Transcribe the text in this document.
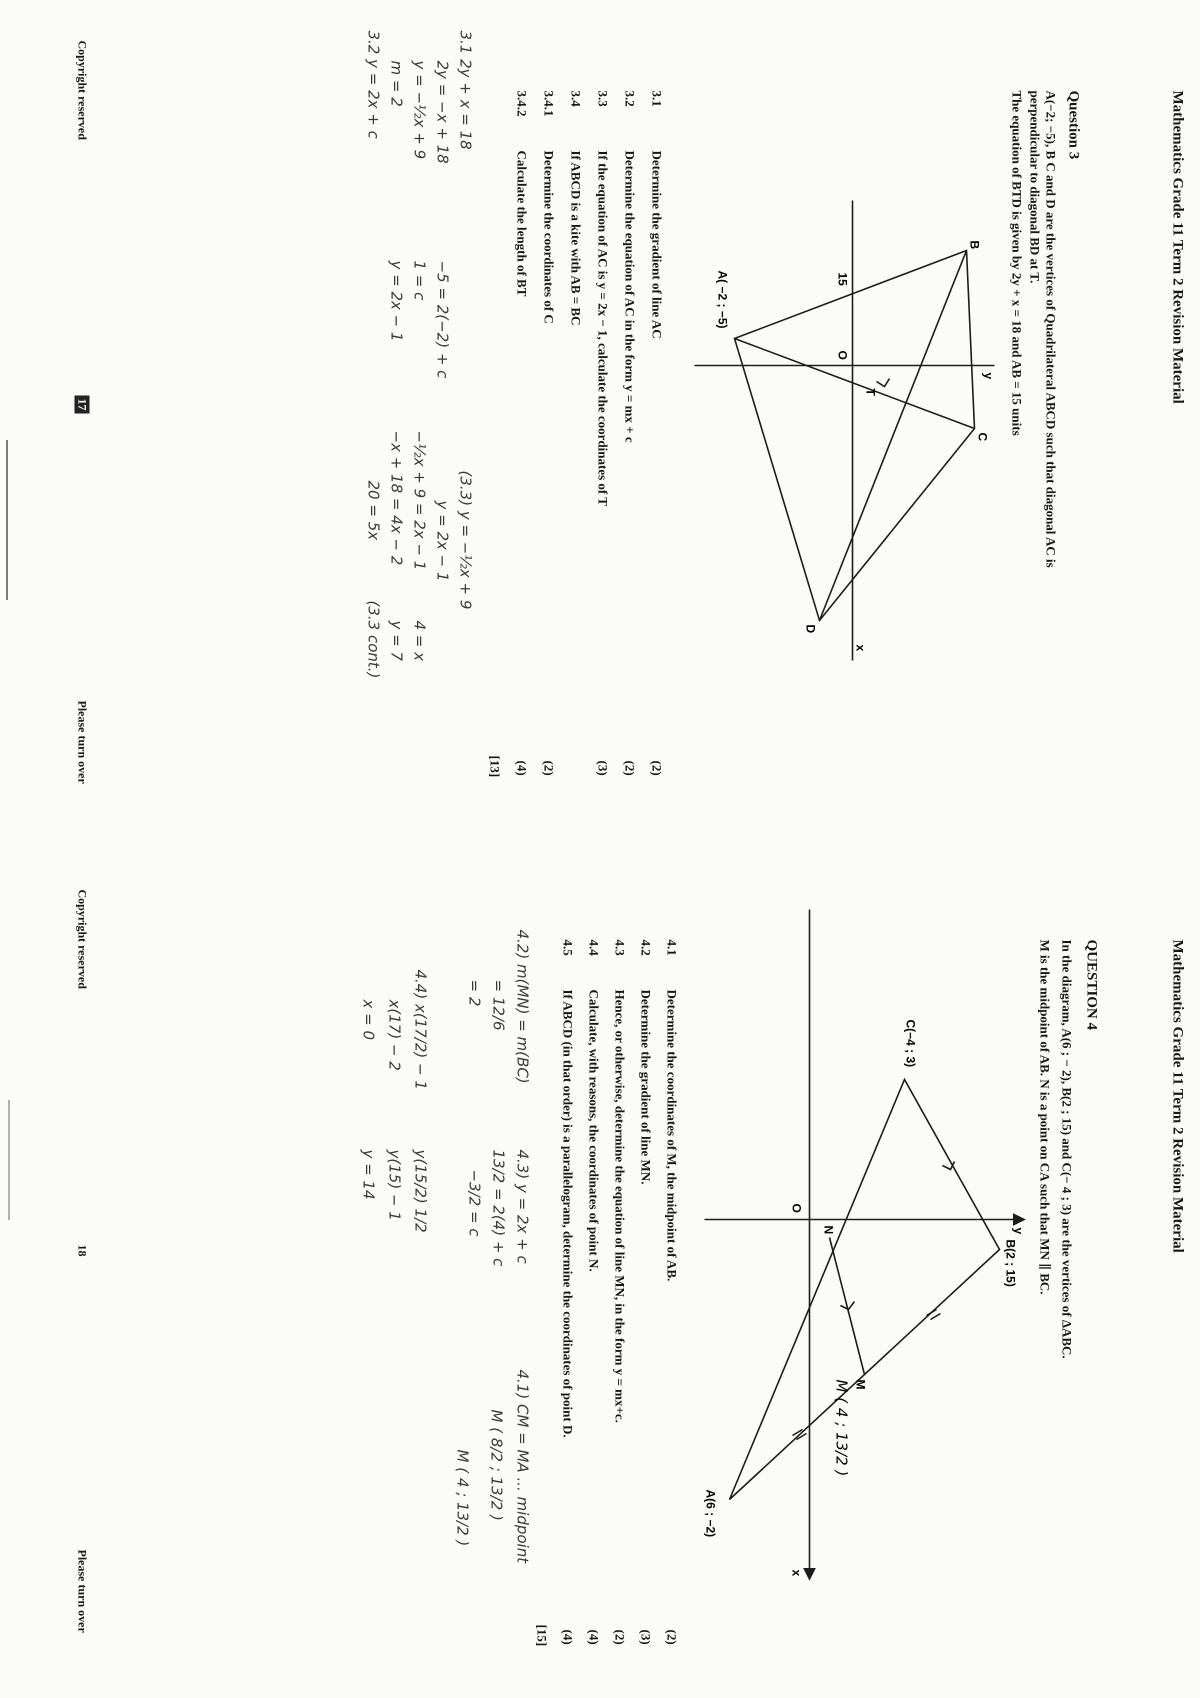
Mathematics Grade 11 Term 2 Revision Material
Question 3
A(−2; −5), B C and D are the vertices of Quadrilateral ABCD such that diagonal AC is
perpendicular to diagonal BD at T.
The equation of BTD is given by 2y + x = 18 and AB = 15 units
B
C
D
T
O
x
y
A( −2 ; −5)	15
3.1
Determine the gradient of line AC
(2)
3.2
Determine the equation of AC in the form y = mx + c
(2)
3.3
If the equation of AC is y = 2x − 1, calculate the coordinates of T
(3)
3.4
If ABCD is a kite with AB = BC
3.4.1
Determine the coordinates of C
(2)
3.4.2
Calculate the length of BT
(4)
[13]
3.1 2y + x = 18
2y = −x + 18
y = −½x + 9
m = 2
3.2 y = 2x + c
−5 = 2(−2) + c
1 = c
y = 2x − 1
(3.3) y = −½x + 9
y = 2x − 1
−½x + 9 = 2x − 1
−x + 18 = 4x − 2
20 = 5x
4 = x
y = 7
(3.3 cont.)
Copyright reserved
17
Please turn over
Mathematics Grade 11 Term 2 Revision Material
QUESTION 4
In the diagram, A(6 ; − 2), B(2 ; 15) and C(− 4 ; 3) are the vertices of ΔABC.
M is the midpoint of AB. N is a point on CA such that MN ∥ BC.
B(2 ; 15)
C(−4 ; 3)
A(6 ; −2)
M
N
O
x
y
M ( 4 ; 13/2 )
4.1
Determine the coordinates of M, the midpoint of AB.
(2)
4.2
Determine the gradient of line MN.
(3)
4.3
Hence, or otherwise, determine the equation of line MN, in the form y = mx+c.
(2)
4.4
Calculate, with reasons, the coordinates of point N.
(4)
4.5
If ABCD (in that order) is a parallelogram, determine the coordinates of point D.
(4)
[15]
4.1) CM = MA ... midpoint
M ( 8/2 ; 13/2 )
M ( 4 ; 13/2 )
4.2) m(MN) = m(BC)
= 12/6
= 2
4.3) y = 2x + c
13/2 = 2(4) + c
−3/2 = c
4.4) x(17/2) − 1
y(15/2) 1/2
x(17) − 2
y(15) − 1
x = 0
y = 14
Copyright reserved
18
Please turn over
